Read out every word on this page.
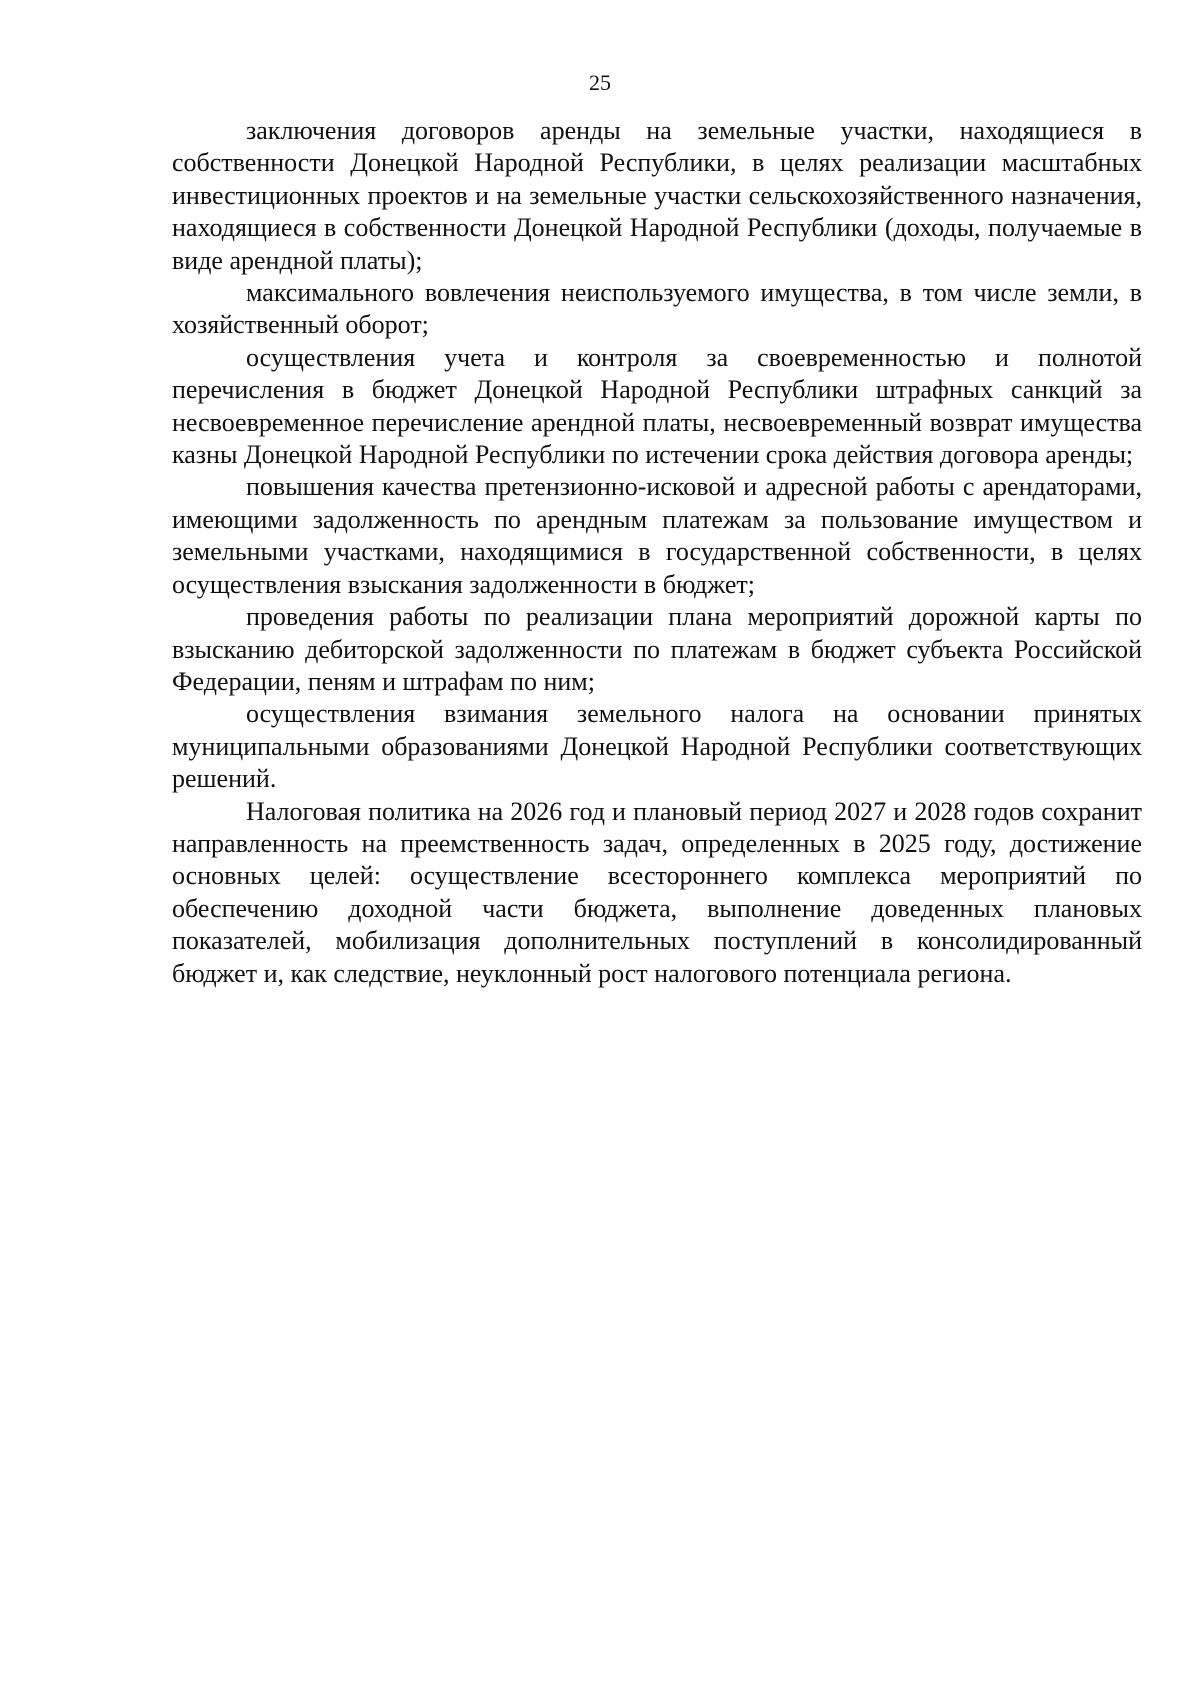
25

заключения договоров аренды на земельные участки, находящиеся в собственности Донецкой Народной Республики, в целях реализации масштабных инвестиционных проектов и на земельные участки сельскохозяйственного назначения, находящиеся в собственности Донецкой Народной Республики (доходы, получаемые в виде арендной платы);

максимального вовлечения неиспользуемого имущества, в том числе земли, в хозяйственный оборот;

осуществления учета и контроля за своевременностью и полнотой перечисления в бюджет Донецкой Народной Республики штрафных санкций за несвоевременное перечисление арендной платы, несвоевременный возврат имущества казны Донецкой Народной Республики по истечении срока действия договора аренды;

повышения качества претензионно-исковой и адресной работы с арендаторами, имеющими задолженность по арендным платежам за пользование имуществом и земельными участками, находящимися в государственной собственности, в целях осуществления взыскания задолженности в бюджет;

проведения работы по реализации плана мероприятий дорожной карты по взысканию дебиторской задолженности по платежам в бюджет субъекта Российской Федерации, пеням и штрафам по ним;

осуществления взимания земельного налога на основании принятых муниципальными образованиями Донецкой Народной Республики соответствующих решений.

Налоговая политика на 2026 год и плановый период 2027 и 2028 годов сохранит направленность на преемственность задач, определенных в 2025 году, достижение основных целей: осуществление всестороннего комплекса мероприятий по обеспечению доходной части бюджета, выполнение доведенных плановых показателей, мобилизация дополнительных поступлений в консолидированный бюджет и, как следствие, неуклонный рост налогового потенциала региона.
